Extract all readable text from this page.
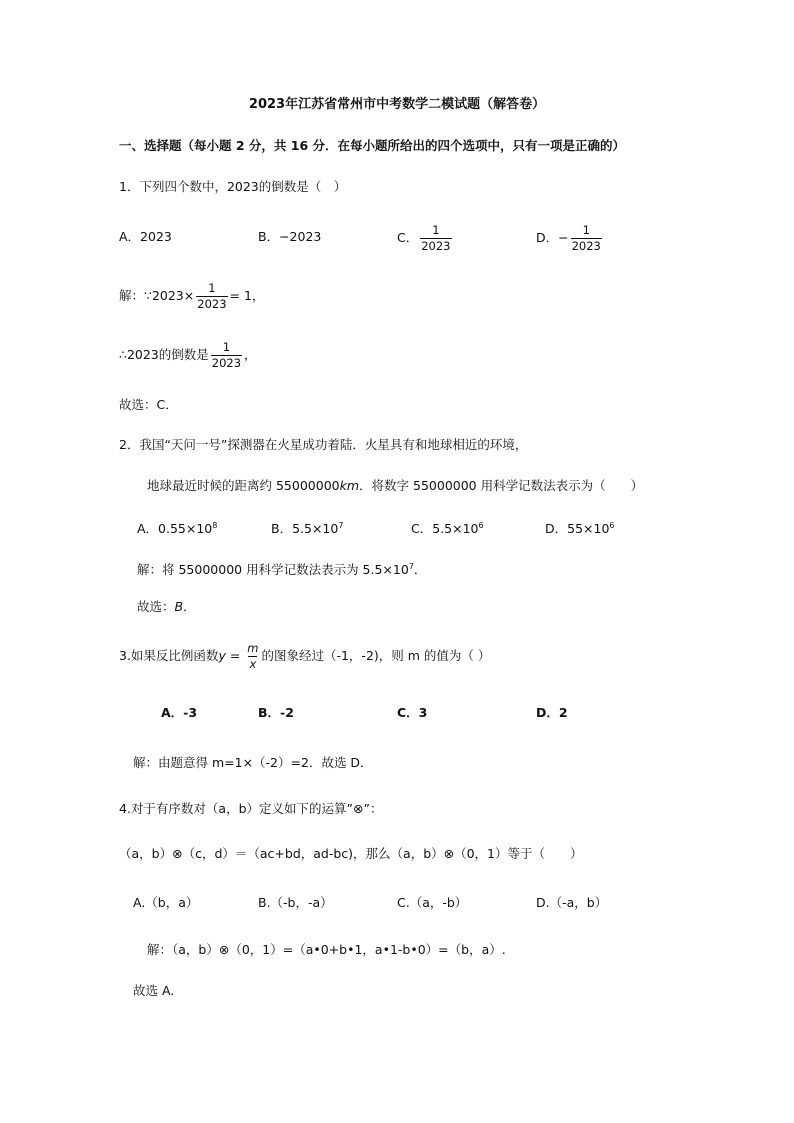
2023年江苏省常州市中考数学二模试题（解答卷）
一、选择题（每小题 2 分，共 16 分．在每小题所给出的四个选项中，只有一项是正确的）
1．下列四个数中，2023的倒数是（　）
A．2023	B．−2023	C． $\frac{1}{2023}$	D．− $\frac{1}{2023}$
解：∵2023× $\frac{1}{2023} = 1$，
∴2023的倒数是 $\frac{1}{2023}$ ，
故选：C．
2．我国“天问一号”探测器在火星成功着陆．火星具有和地球相近的环境，
地球最近时候的距离约 55000000km．将数字 55000000 用科学记数法表示为（　　）
A．$0.55\times 10^8$	B．$5.5\times 10^7$	C．$5.5\times 10^6$	D．$55\times 10^6$
解：将 55000000 用科学记数法表示为 $5.5\times 10^7$．
故选：B．
3.如果反比例函数$y = \frac{m}{x}$ 的图象经过（-1，-2)，则 m 的值为（ ）
A．-3	B．-2	C．3	D．2
解：由题意得 m=1×（-2）=2．故选 D．
4.对于有序数对（a，b）定义如下的运算”⊗”：
（a，b）⊗（c，d）＝（ac+bd，ad-bc)，那么（a，b）⊗（0，1）等于（　　）
A.（b，a）	B.（-b，-a）	C.（a，-b）	D.（-a，b）
解：（a，b）⊗（0，1）=（a•0+b•1，a•1-b•0）=（b，a）.
故选 A.
